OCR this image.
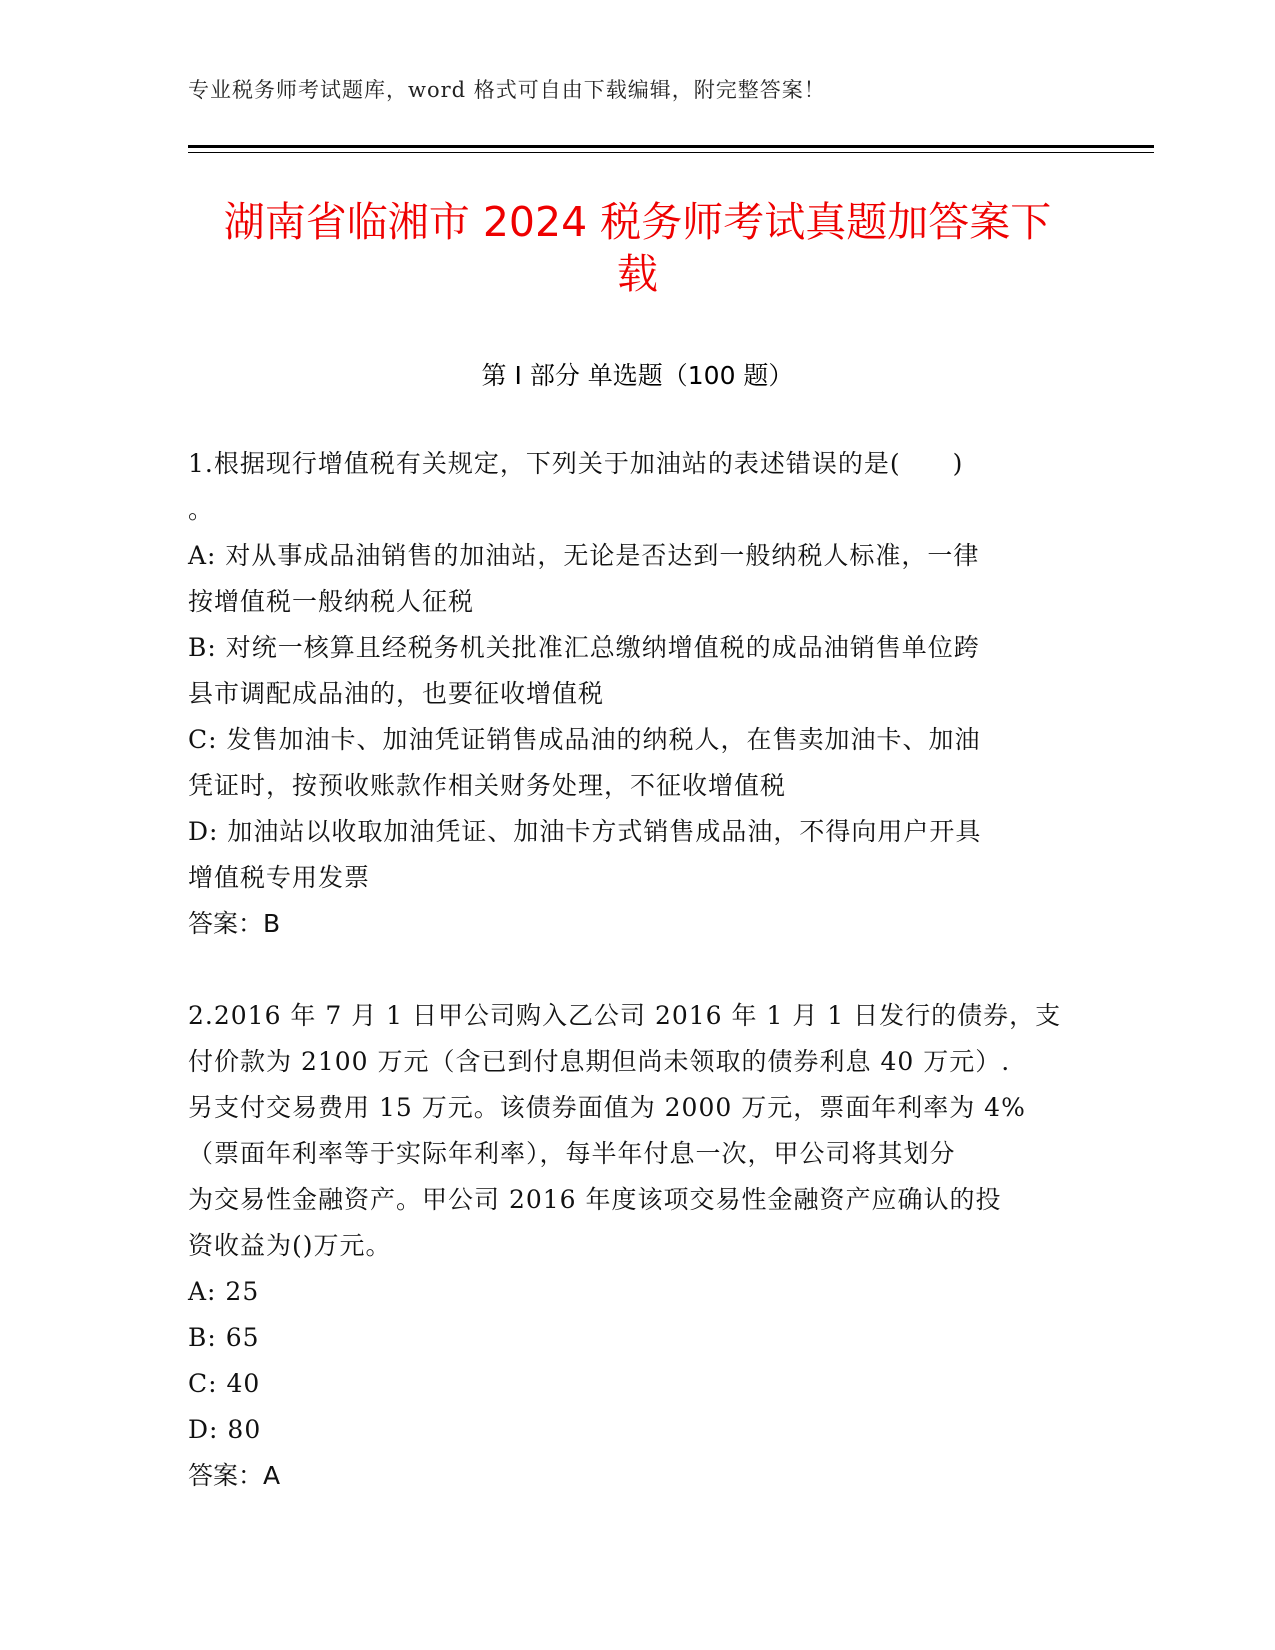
专业税务师考试题库，word 格式可自由下载编辑，附完整答案！
湖南省临湘市 2024 税务师考试真题加答案下
载
第 I 部分 单选题（100 题）
1.根据现行增值税有关规定，下列关于加油站的表述错误的是(　　)
。
A: 对从事成品油销售的加油站，无论是否达到一般纳税人标准，一律
按增值税一般纳税人征税
B: 对统一核算且经税务机关批准汇总缴纳增值税的成品油销售单位跨
县市调配成品油的，也要征收增值税
C: 发售加油卡、加油凭证销售成品油的纳税人，在售卖加油卡、加油
凭证时，按预收账款作相关财务处理，不征收增值税
D: 加油站以收取加油凭证、加油卡方式销售成品油，不得向用户开具
增值税专用发票
答案：B
2.2016 年 7 月 1 日甲公司购入乙公司 2016 年 1 月 1 日发行的债券，支
付价款为 2100 万元（含已到付息期但尚未领取的债券利息 40 万元）.
另支付交易费用 15 万元。该债券面值为 2000 万元，票面年利率为 4%
（票面年利率等于实际年利率），每半年付息一次，甲公司将其划分
为交易性金融资产。甲公司 2016 年度该项交易性金融资产应确认的投
资收益为()万元。
A: 25
B: 65
C: 40
D: 80
答案：A
